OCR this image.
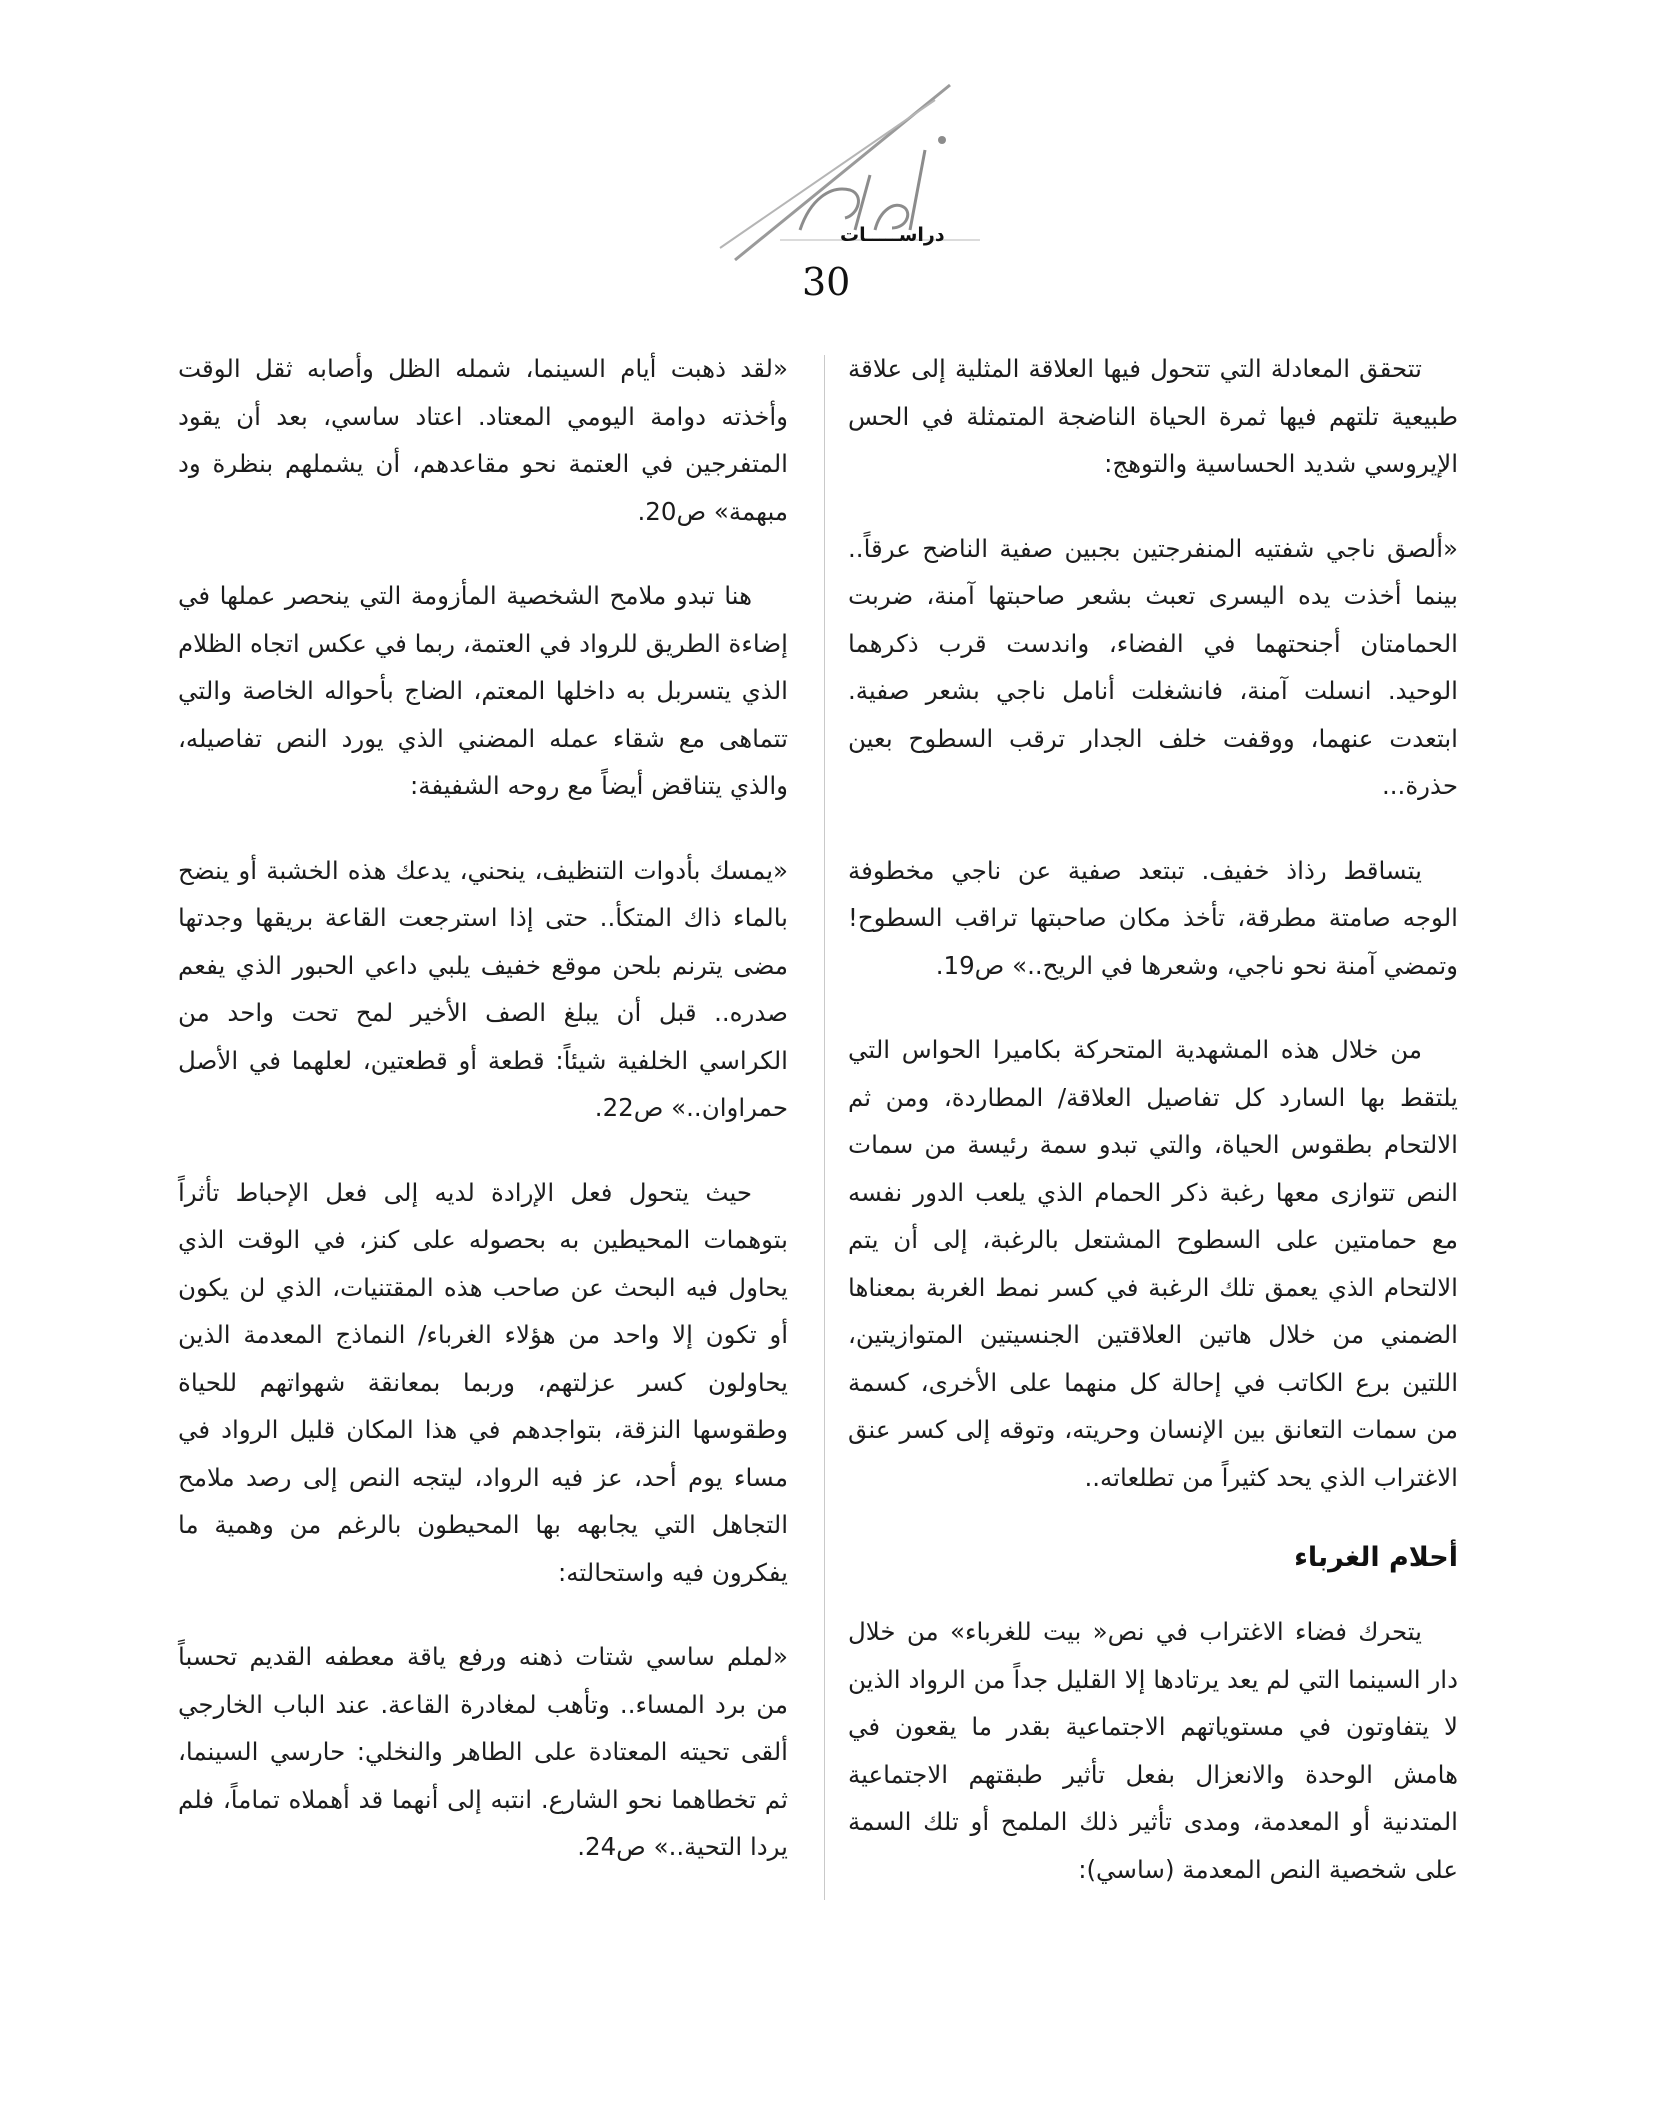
دراســـــات
30

تتحقق المعادلة التي تتحول فيها العلاقة المثلية إلى علاقة طبيعية تلتهم فيها ثمرة الحياة الناضجة المتمثلة في الحس الإيروسي شديد الحساسية والتوهج:

«ألصق ناجي شفتيه المنفرجتين بجبين صفية الناضح عرقاً.. بينما أخذت يده اليسرى تعبث بشعر صاحبتها آمنة، ضربت الحمامتان أجنحتهما في الفضاء، واندست قرب ذكرهما الوحيد. انسلت آمنة، فانشغلت أنامل ناجي بشعر صفية. ابتعدت عنهما، ووقفت خلف الجدار ترقب السطوح بعين حذرة...

يتساقط رذاذ خفيف. تبتعد صفية عن ناجي مخطوفة الوجه صامتة مطرقة، تأخذ مكان صاحبتها تراقب السطوح! وتمضي آمنة نحو ناجي، وشعرها في الريح..» ص19.

من خلال هذه المشهدية المتحركة بكاميرا الحواس التي يلتقط بها السارد كل تفاصيل العلاقة/ المطاردة، ومن ثم الالتحام بطقوس الحياة، والتي تبدو سمة رئيسة من سمات النص تتوازى معها رغبة ذكر الحمام الذي يلعب الدور نفسه مع حمامتين على السطوح المشتعل بالرغبة، إلى أن يتم الالتحام الذي يعمق تلك الرغبة في كسر نمط الغربة بمعناها الضمني من خلال هاتين العلاقتين الجنسيتين المتوازيتين، اللتين برع الكاتب في إحالة كل منهما على الأخرى، كسمة من سمات التعانق بين الإنسان وحريته، وتوقه إلى كسر عنق الاغتراب الذي يحد كثيراً من تطلعاته..

أحلام الغرباء

يتحرك فضاء الاغتراب في نص« بيت للغرباء» من خلال دار السينما التي لم يعد يرتادها إلا القليل جداً من الرواد الذين لا يتفاوتون في مستوياتهم الاجتماعية بقدر ما يقعون في هامش الوحدة والانعزال بفعل تأثير طبقتهم الاجتماعية المتدنية أو المعدمة، ومدى تأثير ذلك الملمح أو تلك السمة على شخصية النص المعدمة (ساسي):

«لقد ذهبت أيام السينما، شمله الظل وأصابه ثقل الوقت وأخذته دوامة اليومي المعتاد. اعتاد ساسي، بعد أن يقود المتفرجين في العتمة نحو مقاعدهم، أن يشملهم بنظرة ود مبهمة» ص20.

هنا تبدو ملامح الشخصية المأزومة التي ينحصر عملها في إضاءة الطريق للرواد في العتمة، ربما في عكس اتجاه الظلام الذي يتسربل به داخلها المعتم، الضاج بأحواله الخاصة والتي تتماهى مع شقاء عمله المضني الذي يورد النص تفاصيله، والذي يتناقض أيضاً مع روحه الشفيفة:

«يمسك بأدوات التنظيف، ينحني، يدعك هذه الخشبة أو ينضح بالماء ذاك المتكأ.. حتى إذا استرجعت القاعة بريقها وجدتها مضى يترنم بلحن موقع خفيف يلبي داعي الحبور الذي يفعم صدره.. قبل أن يبلغ الصف الأخير لمح تحت واحد من الكراسي الخلفية شيئاً: قطعة أو قطعتين، لعلهما في الأصل حمراوان..» ص22.

حيث يتحول فعل الإرادة لديه إلى فعل الإحباط تأثراً بتوهمات المحيطين به بحصوله على كنز، في الوقت الذي يحاول فيه البحث عن صاحب هذه المقتنيات، الذي لن يكون أو تكون إلا واحد من هؤلاء الغرباء/ النماذج المعدمة الذين يحاولون كسر عزلتهم، وربما بمعانقة شهواتهم للحياة وطقوسها النزقة، بتواجدهم في هذا المكان قليل الرواد في مساء يوم أحد، عز فيه الرواد، ليتجه النص إلى رصد ملامح التجاهل التي يجابهه بها المحيطون بالرغم من وهمية ما يفكرون فيه واستحالته:

«لملم ساسي شتات ذهنه ورفع ياقة معطفه القديم تحسباً من برد المساء.. وتأهب لمغادرة القاعة. عند الباب الخارجي ألقى تحيته المعتادة على الطاهر والنخلي: حارسي السينما، ثم تخطاهما نحو الشارع. انتبه إلى أنهما قد أهملاه تماماً، فلم يردا التحية..» ص24.
